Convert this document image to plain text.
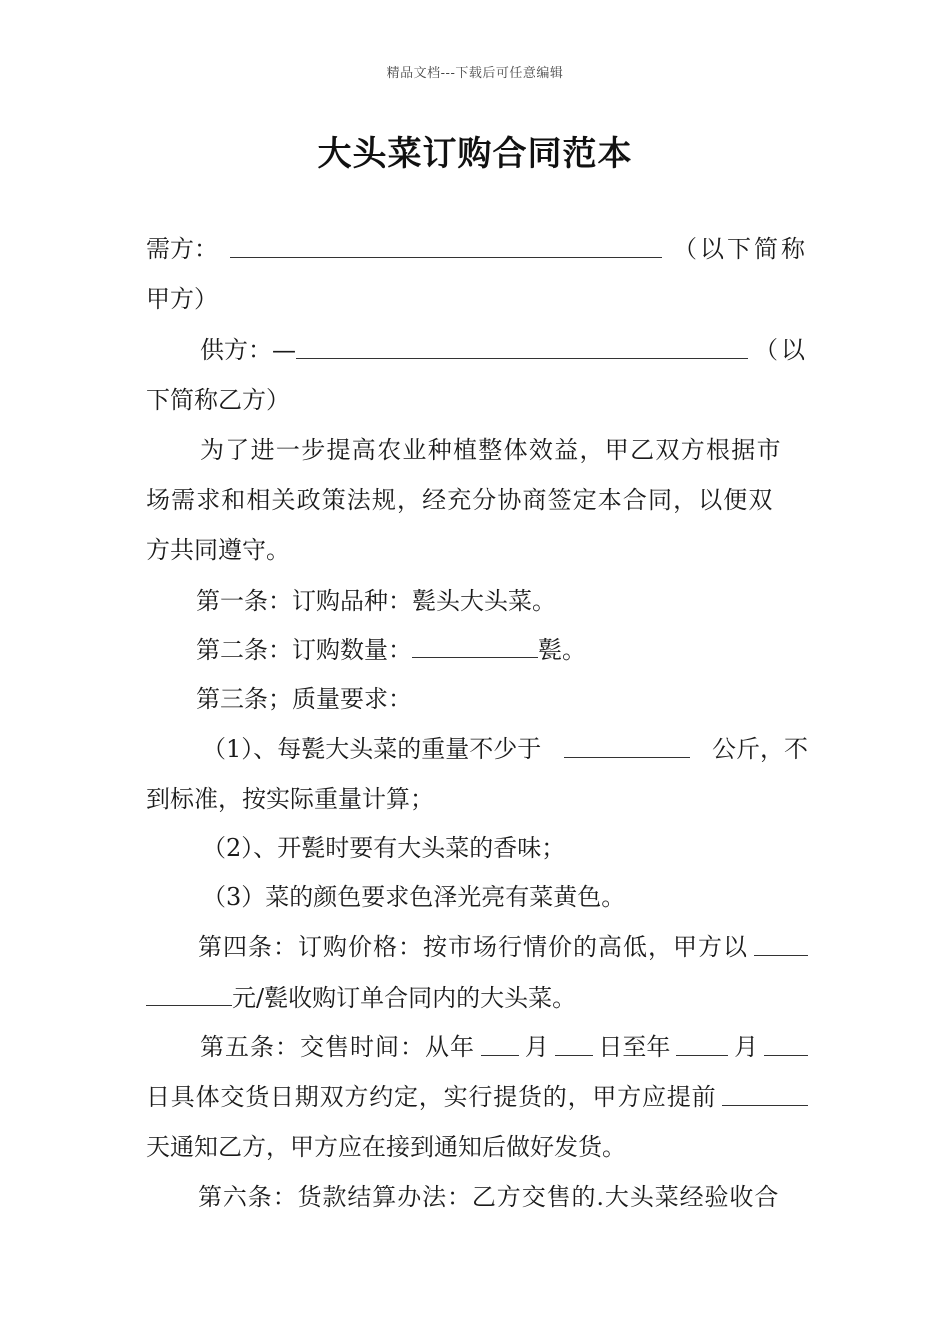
精品文档---下载后可任意编辑
大头菜订购合同范本
需方：	（以下简称
甲方）
供方：—	（以
下简称乙方）
为了进一步提高农业种植整体效益，甲乙双方根据市
场需求和相关政策法规，经充分协商签定本合同，以便双
方共同遵守。
第一条：订购品种：甏头大头菜。
第二条：订购数量：	甏。
第三条；质量要求：
（1）、每甏大头菜的重量不少于	公斤，不
到标准，按实际重量计算；
（2）、开甏时要有大头菜的香味；
（3）菜的颜色要求色泽光亮有菜黄色。
第四条：订购价格：按市场行情价的高低，甲方以
元/甏收购订单合同内的大头菜。
第五条：交售时间：从年 月 日至年	月
日具体交货日期双方约定，实行提货的，甲方应提前
天通知乙方，甲方应在接到通知后做好发货。
第六条：货款结算办法：乙方交售的.大头菜经验收合
